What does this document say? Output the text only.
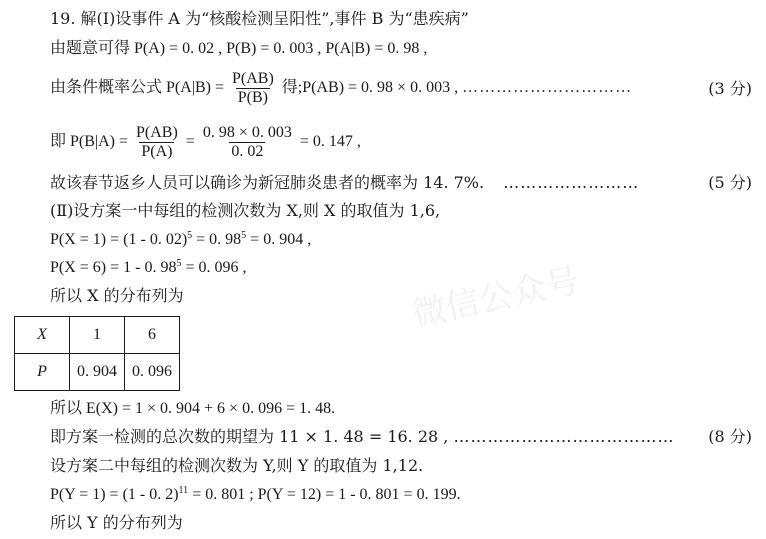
微信公众号
19. 解(Ⅰ)设事件 A 为“核酸检测呈阳性”,事件 B 为“患疾病”
由题意可得 P(A) = 0. 02 , P(B) = 0. 003 , P(A|B) = 0. 98 ,
由条件概率公式 $P(A|B) = \frac{P(AB)}{P(B)}$ 得;P(AB) = 0. 98 × 0. 003 , …………………………	(3 分)
即 $P(B|A) = \frac{P(AB)}{P(A)} = \frac{0. 98 \times 0. 003}{0. 02} = 0$. 147 ,
故该春节返乡人员可以确诊为新冠肺炎患者的概率为 14. 7%. ……………………	(5 分)
(Ⅱ)设方案一中每组的检测次数为 X,则 X 的取值为 1,6,
P(X = 1) = (1 - 0. 02)$^5$ = 0. $98^5 = 0$. 904 ,
P(X = 6) = 1 - 0. $98^5 = 0$. 096 ,
所以 X 的分布列为
X	1	6
P	0. 904	0. 096
所以 E(X) = 1 × 0. 904 + 6 × 0. 096 = 1. 48.
即方案一检测的总次数的期望为 11 × 1. 48 = 16. 28 , ………………………………… (8 分)
设方案二中每组的检测次数为 Y,则 Y 的取值为 1,12.
P(Y = 1) = (1 - 0. 2)$^{11}$ = 0. 801 ; P(Y = 12) = 1 - 0. 801 = 0. 199.
所以 Y 的分布列为
